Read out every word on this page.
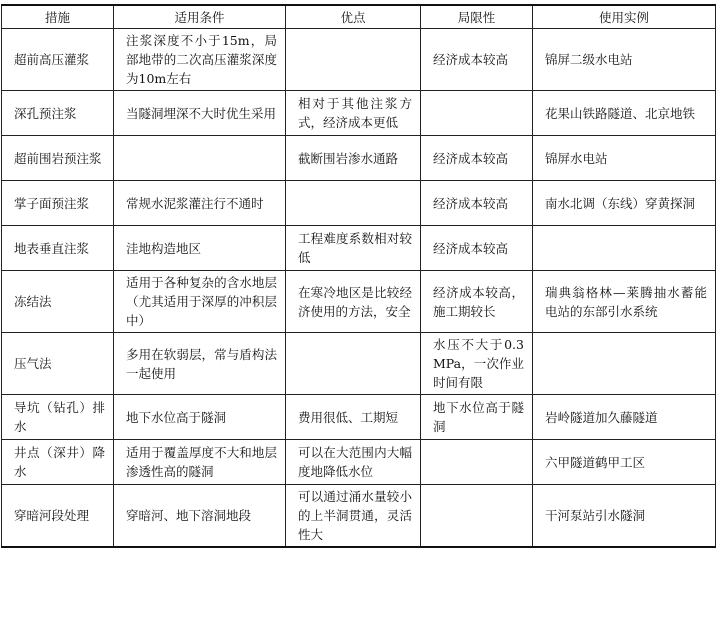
措施	适用条件	优点	局限性	使用实例
超前高压灌浆	注浆深度不小于15m，局部地带的二次高压灌浆深度为10m左右		经济成本较高	锦屏二级水电站
深孔预注浆	当隧洞埋深不大时优生采用	相对于其他注浆方式，经济成本更低		花果山铁路隧道、北京地铁
超前围岩预注浆		截断围岩渗水通路	经济成本较高	锦屏水电站
掌子面预注浆	常规水泥浆灌注行不通时		经济成本较高	南水北调（东线）穿黄探洞
地表垂直注浆	洼地构造地区	工程难度系数相对较低	经济成本较高	
冻结法	适用于各种复杂的含水地层（尤其适用于深厚的冲积层中）	在寒冷地区是比较经济使用的方法，安全	经济成本较高，施工期较长	瑞典翁格林—莱腾抽水蓄能电站的东部引水系统
压气法	多用在软弱层，常与盾构法一起使用		水压不大于0.3MPa，一次作业时间有限	
导坑（钻孔）排水	地下水位高于隧洞	费用很低、工期短	地下水位高于隧洞	岩岭隧道加久藤隧道
井点（深井）降水	适用于覆盖厚度不大和地层渗透性高的隧洞	可以在大范围内大幅度地降低水位		六甲隧道鹤甲工区
穿暗河段处理	穿暗河、地下溶洞地段	可以通过涌水量较小的上半洞贯通，灵活性大		干河泵站引水隧洞
